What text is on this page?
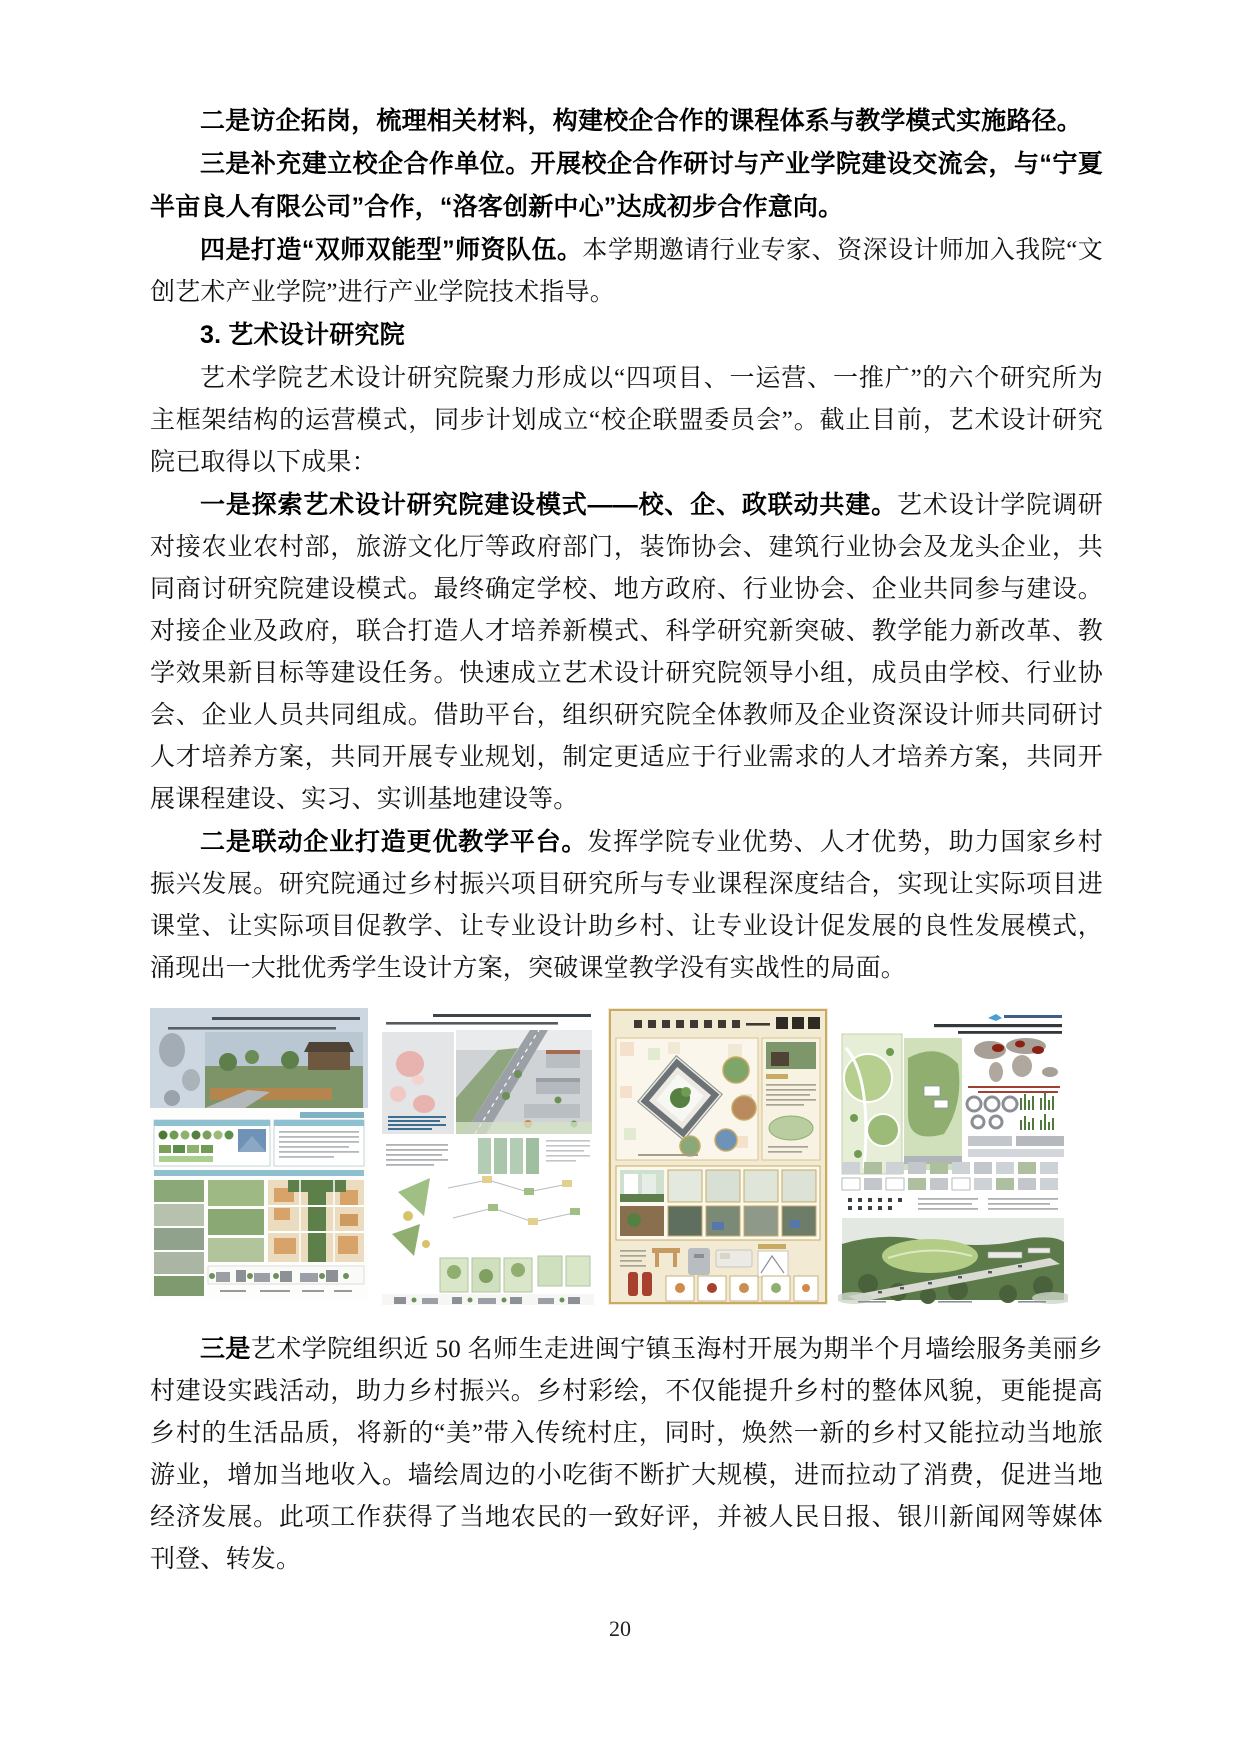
二是访企拓岗，梳理相关材料，构建校企合作的课程体系与教学模式实施路径。

三是补充建立校企合作单位。开展校企合作研讨与产业学院建设交流会，与“宁夏半亩良人有限公司”合作，“洛客创新中心”达成初步合作意向。

四是打造“双师双能型”师资队伍。本学期邀请行业专家、资深设计师加入我院“文创艺术产业学院”进行产业学院技术指导。

3. 艺术设计研究院

艺术学院艺术设计研究院聚力形成以“四项目、一运营、一推广”的六个研究所为主框架结构的运营模式，同步计划成立“校企联盟委员会”。截止目前，艺术设计研究院已取得以下成果：

一是探索艺术设计研究院建设模式——校、企、政联动共建。艺术设计学院调研对接农业农村部，旅游文化厅等政府部门，装饰协会、建筑行业协会及龙头企业，共同商讨研究院建设模式。最终确定学校、地方政府、行业协会、企业共同参与建设。对接企业及政府，联合打造人才培养新模式、科学研究新突破、教学能力新改革、教学效果新目标等建设任务。快速成立艺术设计研究院领导小组，成员由学校、行业协会、企业人员共同组成。借助平台，组织研究院全体教师及企业资深设计师共同研讨人才培养方案，共同开展专业规划，制定更适应于行业需求的人才培养方案，共同开展课程建设、实习、实训基地建设等。

二是联动企业打造更优教学平台。发挥学院专业优势、人才优势，助力国家乡村振兴发展。研究院通过乡村振兴项目研究所与专业课程深度结合，实现让实际项目进课堂、让实际项目促教学、让专业设计助乡村、让专业设计促发展的良性发展模式，涌现出一大批优秀学生设计方案，突破课堂教学没有实战性的局面。

三是艺术学院组织近 50 名师生走进闽宁镇玉海村开展为期半个月墙绘服务美丽乡村建设实践活动，助力乡村振兴。乡村彩绘，不仅能提升乡村的整体风貌，更能提高乡村的生活品质，将新的“美”带入传统村庄，同时，焕然一新的乡村又能拉动当地旅游业，增加当地收入。墙绘周边的小吃街不断扩大规模，进而拉动了消费，促进当地经济发展。此项工作获得了当地农民的一致好评，并被人民日报、银川新闻网等媒体刊登、转发。

20
